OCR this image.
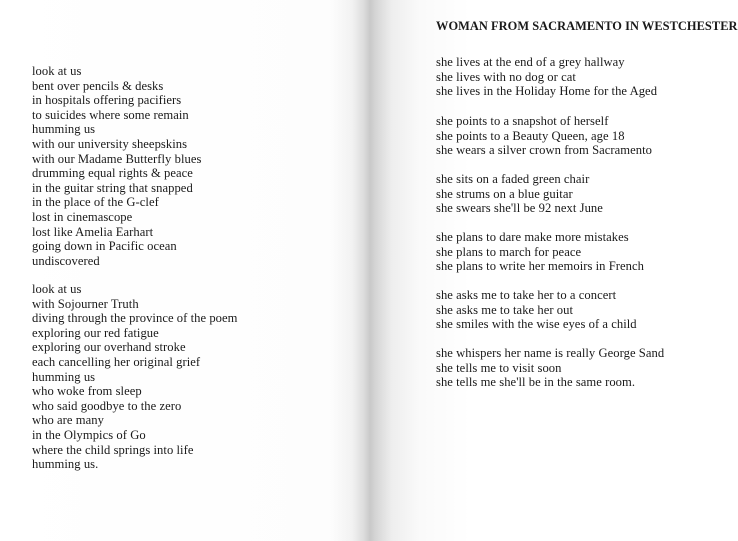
look at us
bent over pencils & desks
in hospitals offering pacifiers
to suicides where some remain
humming us
with our university sheepskins
with our Madame Butterfly blues
drumming equal rights & peace
in the guitar string that snapped
in the place of the G-clef
lost in cinemascope
lost like Amelia Earhart
going down in Pacific ocean
undiscovered
look at us
with Sojourner Truth
diving through the province of the poem
exploring our red fatigue
exploring our overhand stroke
each cancelling her original grief
humming us
who woke from sleep
who said goodbye to the zero
who are many
in the Olympics of Go
where the child springs into life
humming us.
WOMAN FROM SACRAMENTO IN WESTCHESTER
she lives at the end of a grey hallway
she lives with no dog or cat
she lives in the Holiday Home for the Aged
she points to a snapshot of herself
she points to a Beauty Queen, age 18
she wears a silver crown from Sacramento
she sits on a faded green chair
she strums on a blue guitar
she swears she'll be 92 next June
she plans to dare make more mistakes
she plans to march for peace
she plans to write her memoirs in French
she asks me to take her to a concert
she asks me to take her out
she smiles with the wise eyes of a child
she whispers her name is really George Sand
she tells me to visit soon
she tells me she'll be in the same room.
